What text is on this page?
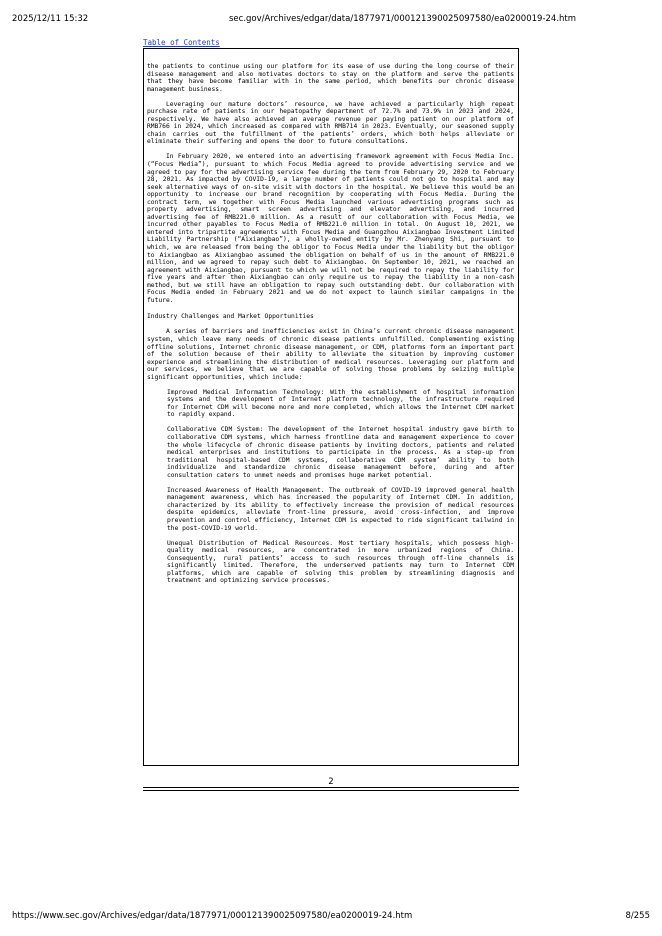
2025/12/11 15:32	sec.gov/Archives/edgar/data/1877971/000121390025097580/ea0200019-24.htm
Table of Contents

the patients to continue using our platform for its ease of use during the long course of their disease management and also motivates doctors to stay on the platform and serve the patients that they have become familiar with in the same period, which benefits our chronic disease management business.

Leveraging our mature doctors’ resource, we have achieved a particularly high repeat purchase rate of patients in our hepatopathy department of 72.7% and 73.9% in 2023 and 2024, respectively. We have also achieved an average revenue per paying patient on our platform of RMB766 in 2024, which increased as compared with RMB714 in 2023. Eventually, our seasoned supply chain carries out the fulfillment of the patients’ orders, which both helps alleviate or eliminate their suffering and opens the door to future consultations.

In February 2020, we entered into an advertising framework agreement with Focus Media Inc. (“Focus Media”), pursuant to which Focus Media agreed to provide advertising service and we agreed to pay for the advertising service fee during the term from February 29, 2020 to February 28, 2021. As impacted by COVID-19, a large number of patients could not go to hospital and may seek alternative ways of on-site visit with doctors in the hospital. We believe this would be an opportunity to increase our brand recognition by cooperating with Focus Media. During the contract term, we together with Focus Media launched various advertising programs such as property advertising, smart screen advertising and elevator advertising, and incurred advertising fee of RMB221.0 million. As a result of our collaboration with Focus Media, we incurred other payables to Focus Media of RMB221.0 million in total. On August 10, 2021, we entered into tripartite agreements with Focus Media and Guangzhou Aixiangbao Investment Limited Liability Partnership (“Aixiangbao”), a wholly-owned entity by Mr. Zhenyang Shi, pursuant to which, we are released from being the obligor to Focus Media under the liability but the obligor to Aixiangbao as Aixiangbao assumed the obligation on behalf of us in the amount of RMB221.0 million, and we agreed to repay such debt to Aixiangbao. On September 10, 2021, we reached an agreement with Aixiangbao, pursuant to which we will not be required to repay the liability for five years and after then Aixiangbao can only require us to repay the liability in a non-cash method, but we still have an obligation to repay such outstanding debt. Our collaboration with Focus Media ended in February 2021 and we do not expect to launch similar campaigns in the future.

Industry Challenges and Market Opportunities

A series of barriers and inefficiencies exist in China’s current chronic disease management system, which leave many needs of chronic disease patients unfulfilled. Complementing existing offline solutions, Internet chronic disease management, or CDM, platforms form an important part of the solution because of their ability to alleviate the situation by improving customer experience and streamlining the distribution of medical resources. Leveraging our platform and our services, we believe that we are capable of solving those problems by seizing multiple significant opportunities, which include:

Improved Medical Information Technology: With the establishment of hospital information systems and the development of Internet platform technology, the infrastructure required for Internet CDM will become more and more completed, which allows the Internet CDM market to rapidly expand.

Collaborative CDM System: The development of the Internet hospital industry gave birth to collaborative CDM systems, which harness frontline data and management experience to cover the whole lifecycle of chronic disease patients by inviting doctors, patients and related medical enterprises and institutions to participate in the process. As a step-up from traditional hospital-based CDM systems, collaborative CDM system’ ability to both individualize and standardize chronic disease management before, during and after consultation caters to unmet needs and promises huge market potential.

Increased Awareness of Health Management. The outbreak of COVID-19 improved general health management awareness, which has increased the popularity of Internet CDM. In addition, characterized by its ability to effectively increase the provision of medical resources despite epidemics, alleviate front-line pressure, avoid cross-infection, and improve prevention and control efficiency, Internet CDM is expected to ride significant tailwind in the post-COVID-19 world.

Unequal Distribution of Medical Resources. Most tertiary hospitals, which possess high-quality medical resources, are concentrated in more urbanized regions of China. Consequently, rural patients’ access to such resources through off-line channels is significantly limited. Therefore, the underserved patients may turn to Internet CDM platforms, which are capable of solving this problem by streamlining diagnosis and treatment and optimizing service processes.

2
https://www.sec.gov/Archives/edgar/data/1877971/000121390025097580/ea0200019-24.htm	8/255
